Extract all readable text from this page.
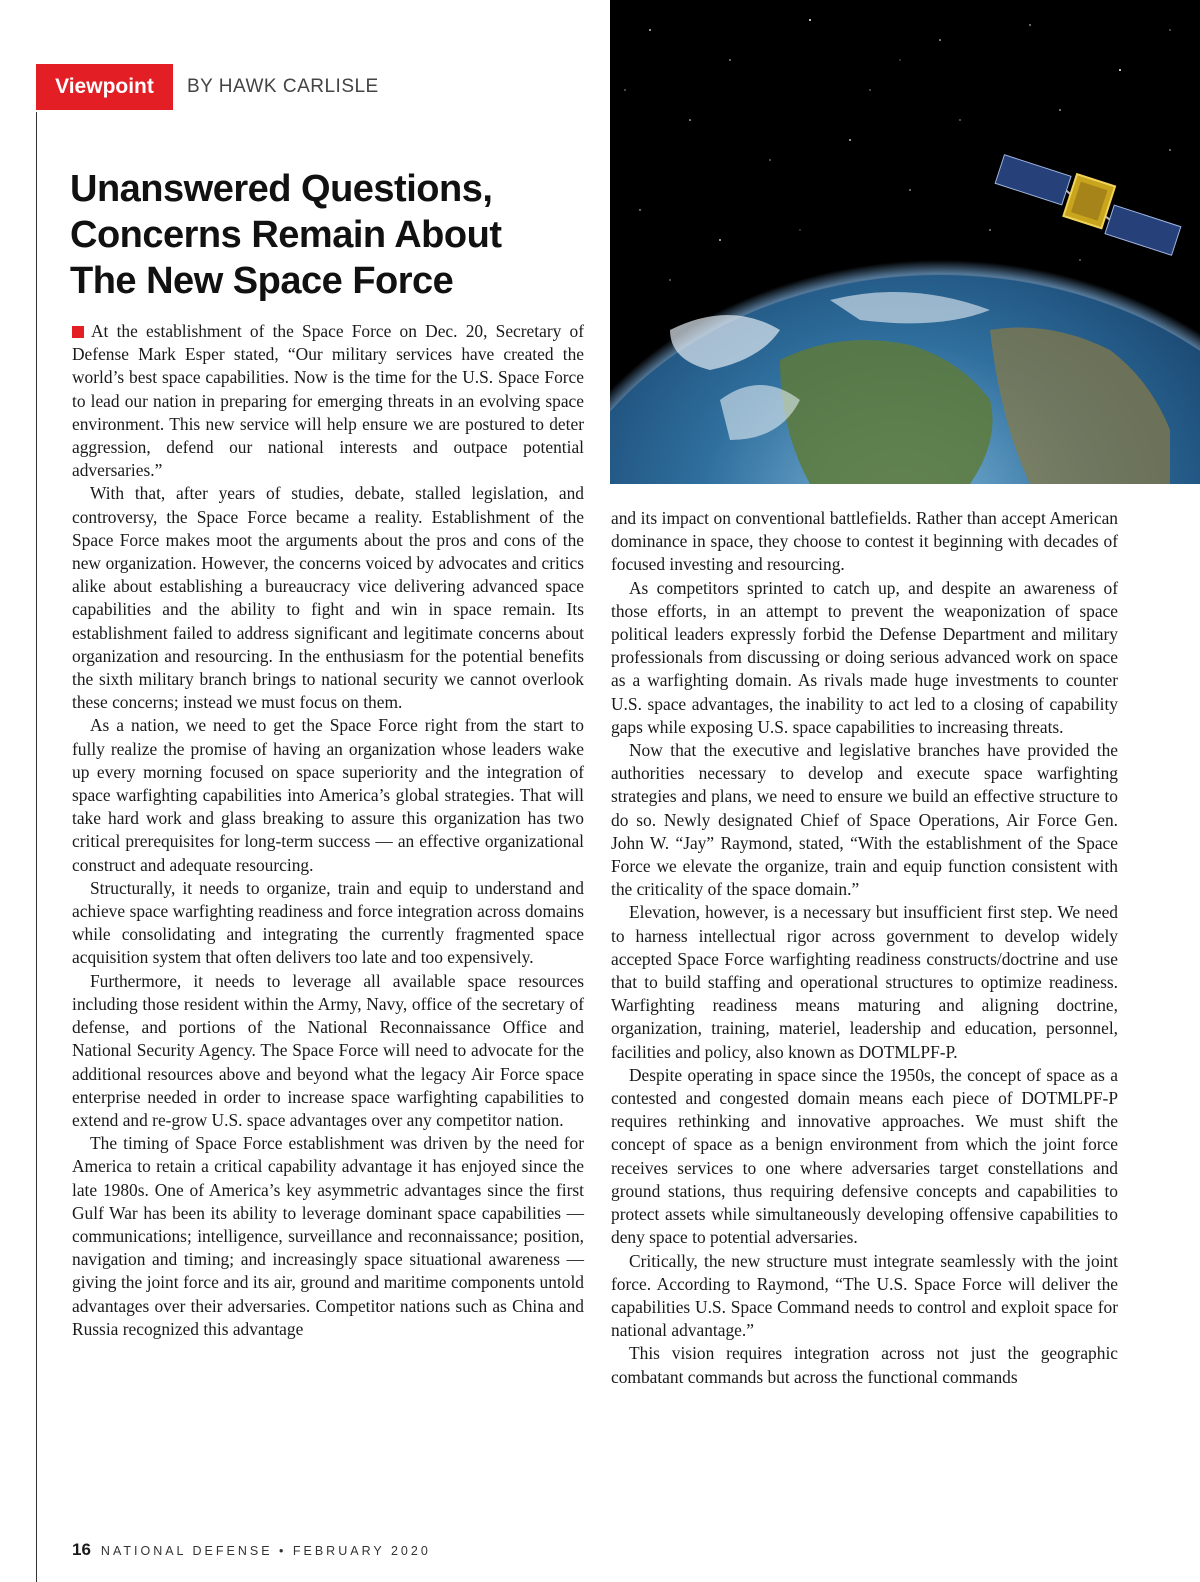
Viewpoint	BY HAWK CARLISLE
Unanswered Questions,
Concerns Remain About
The New Space Force

At the establishment of the Space Force on Dec. 20, Secretary of Defense Mark Esper stated, “Our military services have created the world’s best space capabilities. Now is the time for the U.S. Space Force to lead our nation in preparing for emerging threats in an evolving space environment. This new service will help ensure we are postured to deter aggression, defend our national interests and outpace potential adversaries.”

With that, after years of studies, debate, stalled legislation, and controversy, the Space Force became a reality. Establishment of the Space Force makes moot the arguments about the pros and cons of the new organization. However, the concerns voiced by advocates and critics alike about establishing a bureaucracy vice delivering advanced space capabilities and the ability to fight and win in space remain. Its establishment failed to address significant and legitimate concerns about organization and resourcing. In the enthusiasm for the potential benefits the sixth military branch brings to national security we cannot overlook these concerns; instead we must focus on them.

As a nation, we need to get the Space Force right from the start to fully realize the promise of having an organization whose leaders wake up every morning focused on space superiority and the integration of space warfighting capabilities into America’s global strategies. That will take hard work and glass breaking to assure this organization has two critical prerequisites for long-term success — an effective organizational construct and adequate resourcing.

Structurally, it needs to organize, train and equip to understand and achieve space warfighting readiness and force integration across domains while consolidating and integrating the currently fragmented space acquisition system that often delivers too late and too expensively.

Furthermore, it needs to leverage all available space resources including those resident within the Army, Navy, office of the secretary of defense, and portions of the National Reconnaissance Office and National Security Agency. The Space Force will need to advocate for the additional resources above and beyond what the legacy Air Force space enterprise needed in order to increase space warfighting capabilities to extend and re-grow U.S. space advantages over any competitor nation.

The timing of Space Force establishment was driven by the need for America to retain a critical capability advantage it has enjoyed since the late 1980s. One of America’s key asymmetric advantages since the first Gulf War has been its ability to leverage dominant space capabilities — communications; intelligence, surveillance and reconnaissance; position, navigation and timing; and increasingly space situational awareness — giving the joint force and its air, ground and maritime components untold advantages over their adversaries. Competitor nations such as China and Russia recognized this advantage

and its impact on conventional battlefields. Rather than accept American dominance in space, they choose to contest it beginning with decades of focused investing and resourcing.

As competitors sprinted to catch up, and despite an awareness of those efforts, in an attempt to prevent the weaponization of space political leaders expressly forbid the Defense Department and military professionals from discussing or doing serious advanced work on space as a warfighting domain. As rivals made huge investments to counter U.S. space advantages, the inability to act led to a closing of capability gaps while exposing U.S. space capabilities to increasing threats.

Now that the executive and legislative branches have provided the authorities necessary to develop and execute space warfighting strategies and plans, we need to ensure we build an effective structure to do so. Newly designated Chief of Space Operations, Air Force Gen. John W. “Jay” Raymond, stated, “With the establishment of the Space Force we elevate the organize, train and equip function consistent with the criticality of the space domain.”

Elevation, however, is a necessary but insufficient first step. We need to harness intellectual rigor across government to develop widely accepted Space Force warfighting readiness constructs/doctrine and use that to build staffing and operational structures to optimize readiness. Warfighting readiness means maturing and aligning doctrine, organization, training, materiel, leadership and education, personnel, facilities and policy, also known as DOTMLPF-P.

Despite operating in space since the 1950s, the concept of space as a contested and congested domain means each piece of DOTMLPF-P requires rethinking and innovative approaches. We must shift the concept of space as a benign environment from which the joint force receives services to one where adversaries target constellations and ground stations, thus requiring defensive concepts and capabilities to protect assets while simultaneously developing offensive capabilities to deny space to potential adversaries.

Critically, the new structure must integrate seamlessly with the joint force. According to Raymond, “The U.S. Space Force will deliver the capabilities U.S. Space Command needs to control and exploit space for national advantage.”

This vision requires integration across not just the geographic combatant commands but across the functional commands

16 NATIONAL DEFENSE • FEBRUARY 2020
